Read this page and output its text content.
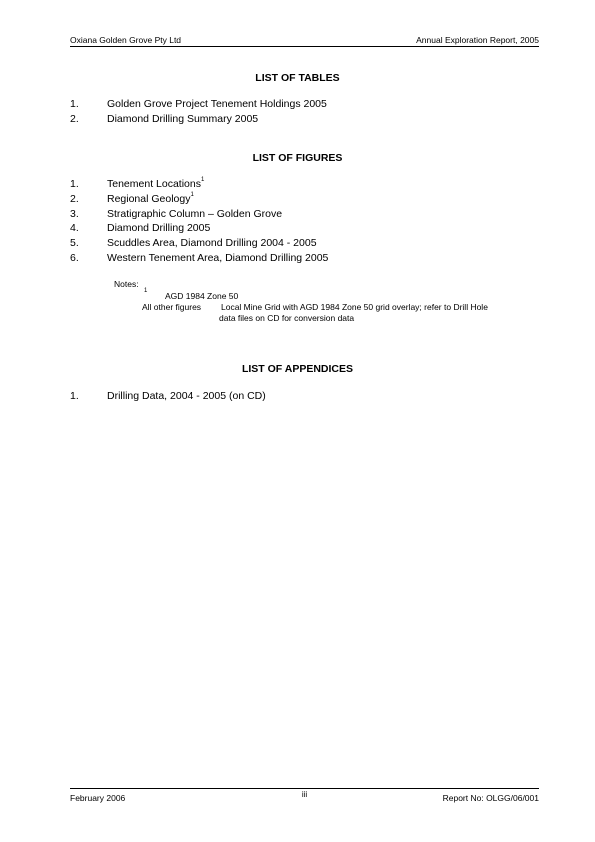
Oxiana Golden Grove Pty Ltd	Annual Exploration Report, 2005
LIST OF TABLES
1.	Golden Grove Project Tenement Holdings 2005
2.	Diamond Drilling Summary 2005
LIST OF FIGURES
1.	Tenement Locations$^1$
2.	Regional Geology$^1$
3.	Stratigraphic Column – Golden Grove
4.	Diamond Drilling 2005
5.	Scuddles Area, Diamond Drilling 2004 - 2005
6.	Western Tenement Area, Diamond Drilling 2005
Notes:
1 AGD 1984 Zone 50
All other figures Local Mine Grid with AGD 1984 Zone 50 grid overlay; refer to Drill Hole
data files on CD for conversion data
LIST OF APPENDICES
1.	Drilling Data, 2004 - 2005 (on CD)
February 2006	iii	Report No: OLGG/06/001
